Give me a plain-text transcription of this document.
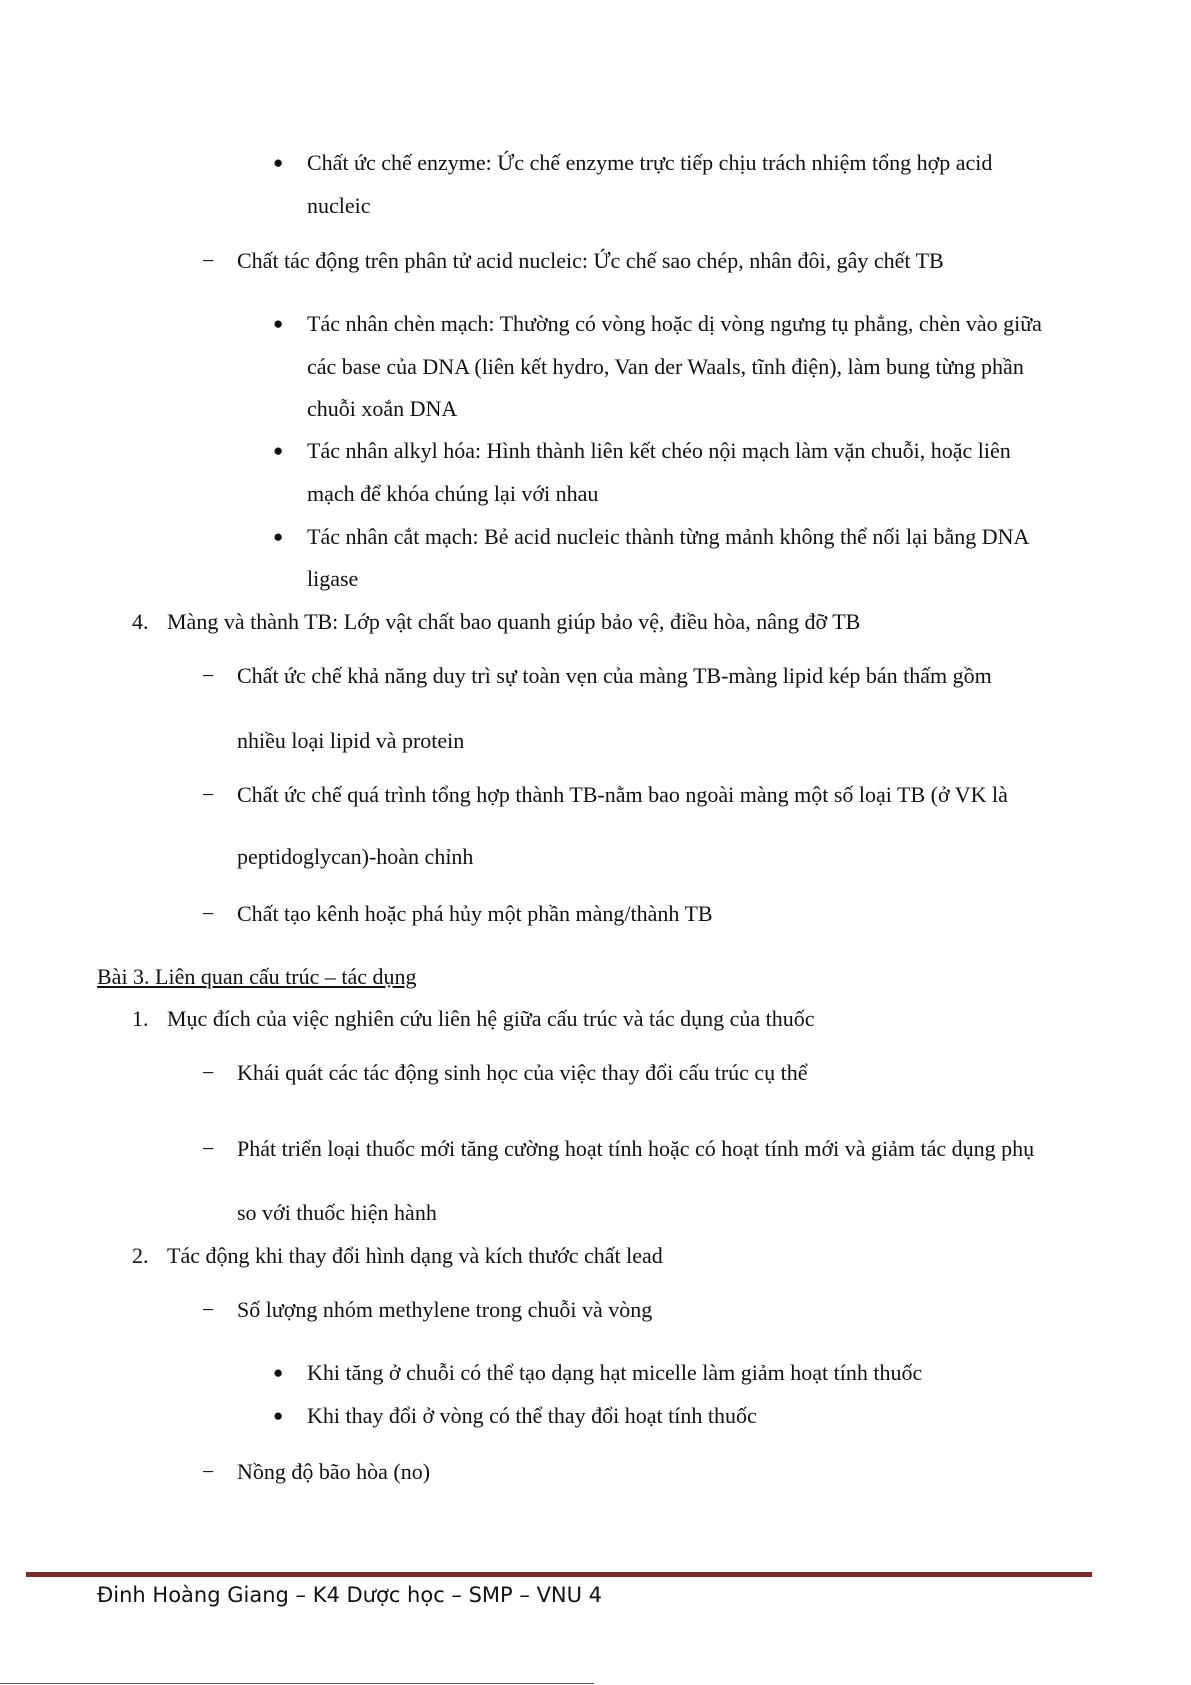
● Chất ức chế enzyme: Ức chế enzyme trực tiếp chịu trách nhiệm tổng hợp acid
nucleic
− Chất tác động trên phân tử acid nucleic: Ức chế sao chép, nhân đôi, gây chết TB
● Tác nhân chèn mạch: Thường có vòng hoặc dị vòng ngưng tụ phẳng, chèn vào giữa
các base của DNA (liên kết hydro, Van der Waals, tĩnh điện), làm bung từng phần
chuỗi xoắn DNA
● Tác nhân alkyl hóa: Hình thành liên kết chéo nội mạch làm vặn chuỗi, hoặc liên
mạch để khóa chúng lại với nhau
● Tác nhân cắt mạch: Bẻ acid nucleic thành từng mảnh không thể nối lại bằng DNA
ligase
4. Màng và thành TB: Lớp vật chất bao quanh giúp bảo vệ, điều hòa, nâng đỡ TB
− Chất ức chế khả năng duy trì sự toàn vẹn của màng TB-màng lipid kép bán thấm gồm
nhiều loại lipid và protein
− Chất ức chế quá trình tổng hợp thành TB-nằm bao ngoài màng một số loại TB (ở VK là
peptidoglycan)-hoàn chỉnh
− Chất tạo kênh hoặc phá hủy một phần màng/thành TB
Bài 3. Liên quan cấu trúc – tác dụng
1. Mục đích của việc nghiên cứu liên hệ giữa cấu trúc và tác dụng của thuốc
− Khái quát các tác động sinh học của việc thay đổi cấu trúc cụ thể
− Phát triển loại thuốc mới tăng cường hoạt tính hoặc có hoạt tính mới và giảm tác dụng phụ
so với thuốc hiện hành
2. Tác động khi thay đổi hình dạng và kích thước chất lead
− Số lượng nhóm methylene trong chuỗi và vòng
● Khi tăng ở chuỗi có thể tạo dạng hạt micelle làm giảm hoạt tính thuốc
● Khi thay đổi ở vòng có thể thay đổi hoạt tính thuốc
− Nồng độ bão hòa (no)
Đinh Hoàng Giang – K4 Dược học – SMP – VNU 4
